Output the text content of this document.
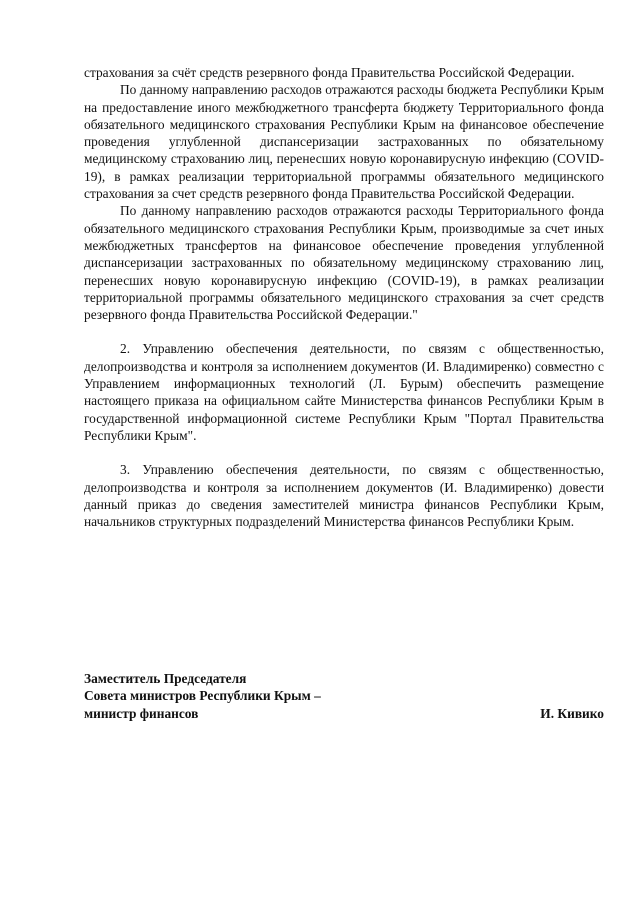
страхования за счёт средств резервного фонда Правительства Российской Федерации.

По данному направлению расходов отражаются расходы бюджета Республики Крым на предоставление иного межбюджетного трансферта бюджету Территориального фонда обязательного медицинского страхования Республики Крым на финансовое обеспечение проведения углубленной диспансеризации застрахованных по обязательному медицинскому страхованию лиц, перенесших новую коронавирусную инфекцию (COVID-19), в рамках реализации территориальной программы обязательного медицинского страхования за счет средств резервного фонда Правительства Российской Федерации.

По данному направлению расходов отражаются расходы Территориального фонда обязательного медицинского страхования Республики Крым, производимые за счет иных межбюджетных трансфертов на финансовое обеспечение проведения углубленной диспансеризации застрахованных по обязательному медицинскому страхованию лиц, перенесших новую коронавирусную инфекцию (COVID-19), в рамках реализации территориальной программы обязательного медицинского страхования за счет средств резервного фонда Правительства Российской Федерации."

2. Управлению обеспечения деятельности, по связям с общественностью, делопроизводства и контроля за исполнением документов (И. Владимиренко) совместно с Управлением информационных технологий (Л. Бурым) обеспечить размещение настоящего приказа на официальном сайте Министерства финансов Республики Крым в государственной информационной системе Республики Крым "Портал Правительства Республики Крым".

3. Управлению обеспечения деятельности, по связям с общественностью, делопроизводства и контроля за исполнением документов (И. Владимиренко) довести данный приказ до сведения заместителей министра финансов Республики Крым, начальников структурных подразделений Министерства финансов Республики Крым.

Заместитель Председателя
Совета министров Республики Крым –
министр финансов	И. Кивико
